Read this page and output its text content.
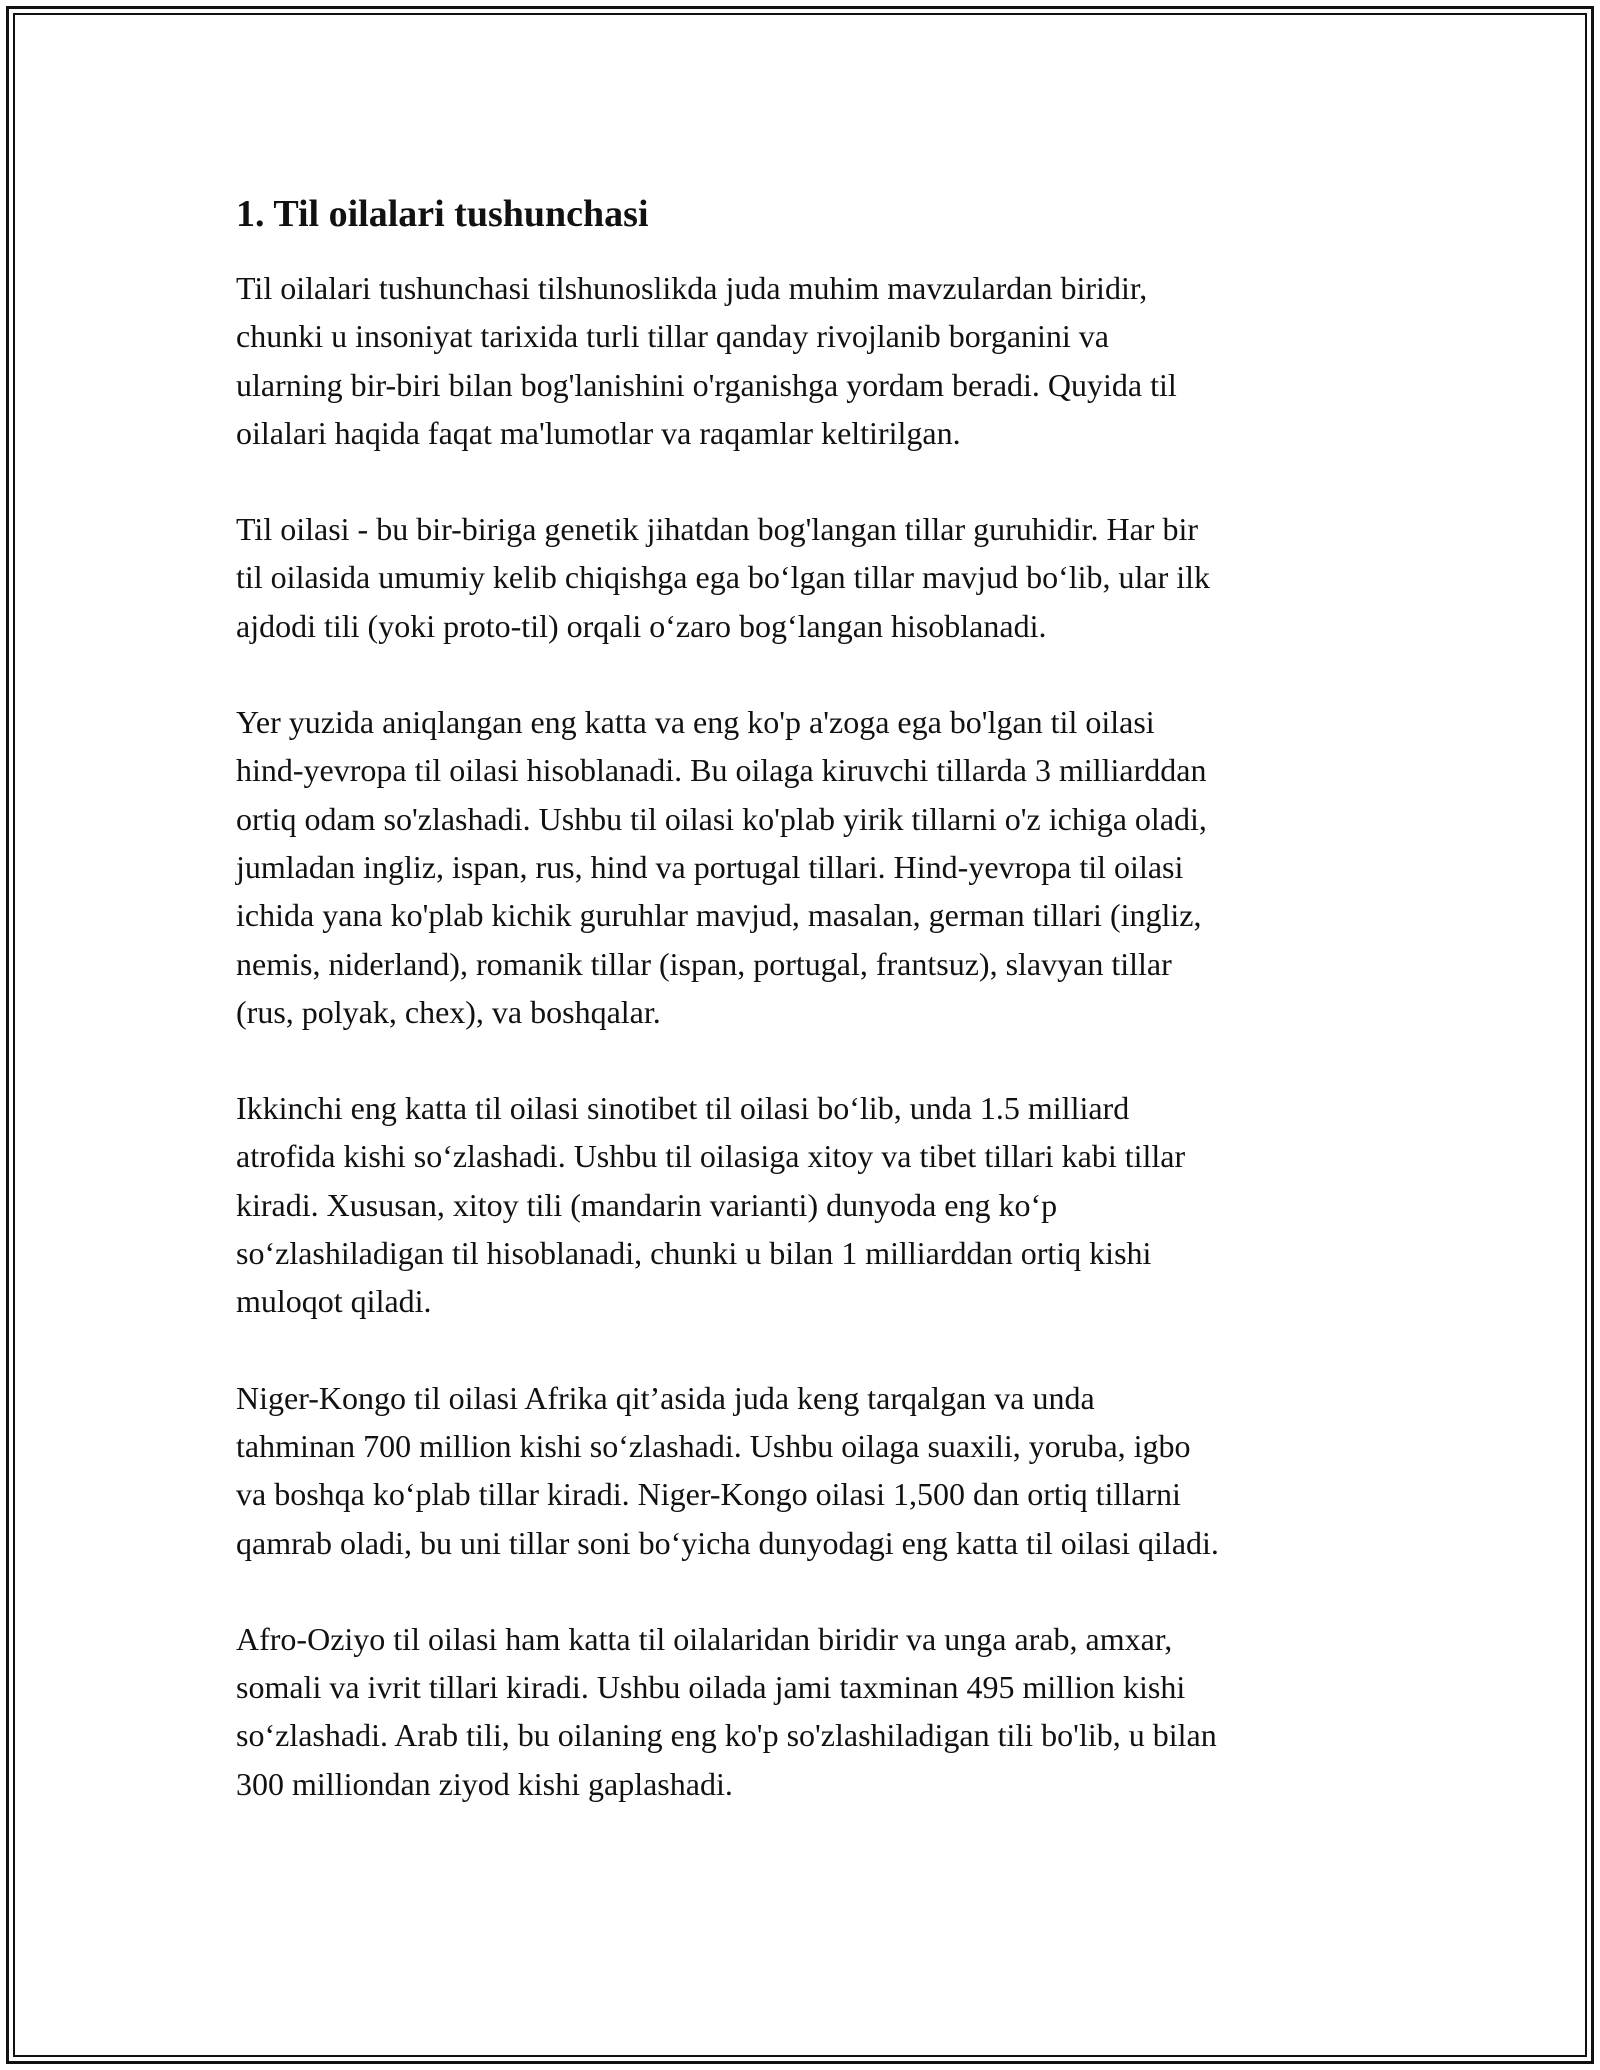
1. Til oilalari tushunchasi

Til oilalari tushunchasi tilshunoslikda juda muhim mavzulardan biridir,
chunki u insoniyat tarixida turli tillar qanday rivojlanib borganini va
ularning bir-biri bilan bog'lanishini o'rganishga yordam beradi. Quyida til
oilalari haqida faqat ma'lumotlar va raqamlar keltirilgan.

Til oilasi - bu bir-biriga genetik jihatdan bog'langan tillar guruhidir. Har bir
til oilasida umumiy kelib chiqishga ega bo‘lgan tillar mavjud bo‘lib, ular ilk
ajdodi tili (yoki proto-til) orqali o‘zaro bog‘langan hisoblanadi.

Yer yuzida aniqlangan eng katta va eng ko'p a'zoga ega bo'lgan til oilasi
hind-yevropa til oilasi hisoblanadi. Bu oilaga kiruvchi tillarda 3 milliarddan
ortiq odam so'zlashadi. Ushbu til oilasi ko'plab yirik tillarni o'z ichiga oladi,
jumladan ingliz, ispan, rus, hind va portugal tillari. Hind-yevropa til oilasi
ichida yana ko'plab kichik guruhlar mavjud, masalan, german tillari (ingliz,
nemis, niderland), romanik tillar (ispan, portugal, frantsuz), slavyan tillar
(rus, polyak, chex), va boshqalar.

Ikkinchi eng katta til oilasi sinotibet til oilasi bo‘lib, unda 1.5 milliard
atrofida kishi so‘zlashadi. Ushbu til oilasiga xitoy va tibet tillari kabi tillar
kiradi. Xususan, xitoy tili (mandarin varianti) dunyoda eng ko‘p
so‘zlashiladigan til hisoblanadi, chunki u bilan 1 milliarddan ortiq kishi
muloqot qiladi.

Niger-Kongo til oilasi Afrika qit’asida juda keng tarqalgan va unda
tahminan 700 million kishi so‘zlashadi. Ushbu oilaga suaxili, yoruba, igbo
va boshqa ko‘plab tillar kiradi. Niger-Kongo oilasi 1,500 dan ortiq tillarni
qamrab oladi, bu uni tillar soni bo‘yicha dunyodagi eng katta til oilasi qiladi.

Afro-Oziyo til oilasi ham katta til oilalaridan biridir va unga arab, amxar,
somali va ivrit tillari kiradi. Ushbu oilada jami taxminan 495 million kishi
so‘zlashadi. Arab tili, bu oilaning eng ko'p so'zlashiladigan tili bo'lib, u bilan
300 milliondan ziyod kishi gaplashadi.
